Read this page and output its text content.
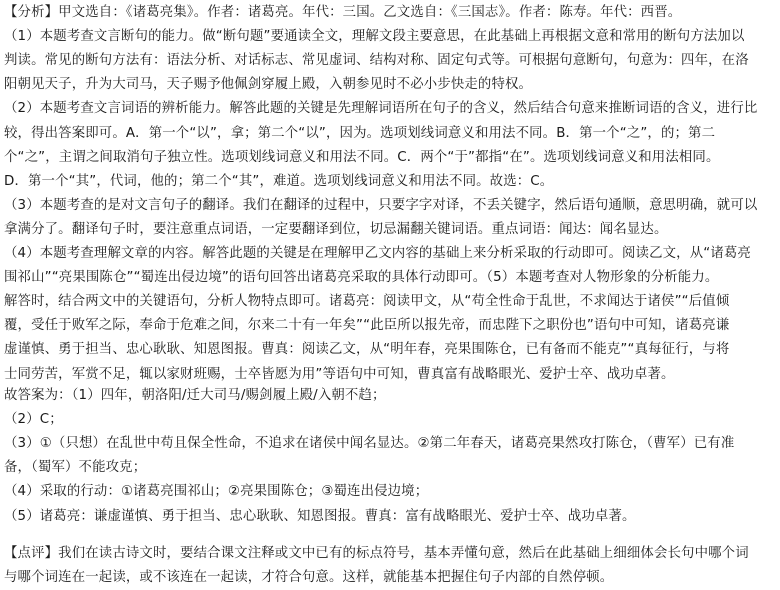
【分析】甲文选自：《诸葛亮集》。作者：诸葛亮。年代：三国。乙文选自：《三国志》。作者：陈寿。年代：西晋。
（1）本题考查文言断句的能力。做“断句题”要通读全文，理解文段主要意思，在此基础上再根据文意和常用的断句方法加以
判读。常见的断句方法有：语法分析、对话标志、常见虚词、结构对称、固定句式等。可根据句意断句，句意为：四年，在洛
阳朝见天子，升为大司马，天子赐予他佩剑穿履上殿，入朝参见时不必小步快走的特权。
（2）本题考查文言词语的辨析能力。解答此题的关键是先理解词语所在句子的含义，然后结合句意来推断词语的含义，进行比
较，得出答案即可。A．第一个“以”，拿；第二个“以”，因为。选项划线词意义和用法不同。B．第一个“之”，的；第二
个“之”，主谓之间取消句子独立性。选项划线词意义和用法不同。C．两个“于”都指“在”。选项划线词意义和用法相同。
D．第一个“其”，代词，他的；第二个“其”，难道。选项划线词意义和用法不同。故选：C。
（3）本题考查的是对文言句子的翻译。我们在翻译的过程中，只要字字对译，不丢关键字，然后语句通顺，意思明确，就可以
拿满分了。翻译句子时，要注意重点词语，一定要翻译到位，切忌漏翻关键词语。重点词语：闻达：闻名显达。
（4）本题考查理解文章的内容。解答此题的关键是在理解甲乙文内容的基础上来分析采取的行动即可。阅读乙文，从“诸葛亮
围祁山”“亮果围陈仓”“蜀连出侵边境”的语句回答出诸葛亮采取的具体行动即可。（5）本题考查对人物形象的分析能力。
解答时，结合两文中的关键语句，分析人物特点即可。诸葛亮：阅读甲文，从“苟全性命于乱世，不求闻达于诸侯”“后值倾
覆，受任于败军之际，奉命于危难之间，尔来二十有一年矣”“此臣所以报先帝，而忠陛下之职份也”语句中可知，诸葛亮谦
虚谨慎、勇于担当、忠心耿耿、知恩图报。曹真：阅读乙文，从“明年春，亮果围陈仓，已有备而不能克”“真每征行，与将
士同劳苦，军赏不足，辄以家财班赐，士卒皆愿为用”等语句中可知，曹真富有战略眼光、爱护士卒、战功卓著。
故答案为：（1）四年，朝洛阳/迁大司马/赐剑履上殿/入朝不趋；
（2）C；
（3）①（只想）在乱世中苟且保全性命，不追求在诸侯中闻名显达。②第二年春天，诸葛亮果然攻打陈仓，（曹军）已有准
备，（蜀军）不能攻克；
（4）采取的行动：①诸葛亮围祁山；②亮果围陈仓；③蜀连出侵边境；
（5）诸葛亮：谦虚谨慎、勇于担当、忠心耿耿、知恩图报。曹真：富有战略眼光、爱护士卒、战功卓著。
【点评】我们在读古诗文时，要结合课文注释或文中已有的标点符号，基本弄懂句意，然后在此基础上细细体会长句中哪个词
与哪个词连在一起读，或不该连在一起读，才符合句意。这样，就能基本把握住句子内部的自然停顿。
